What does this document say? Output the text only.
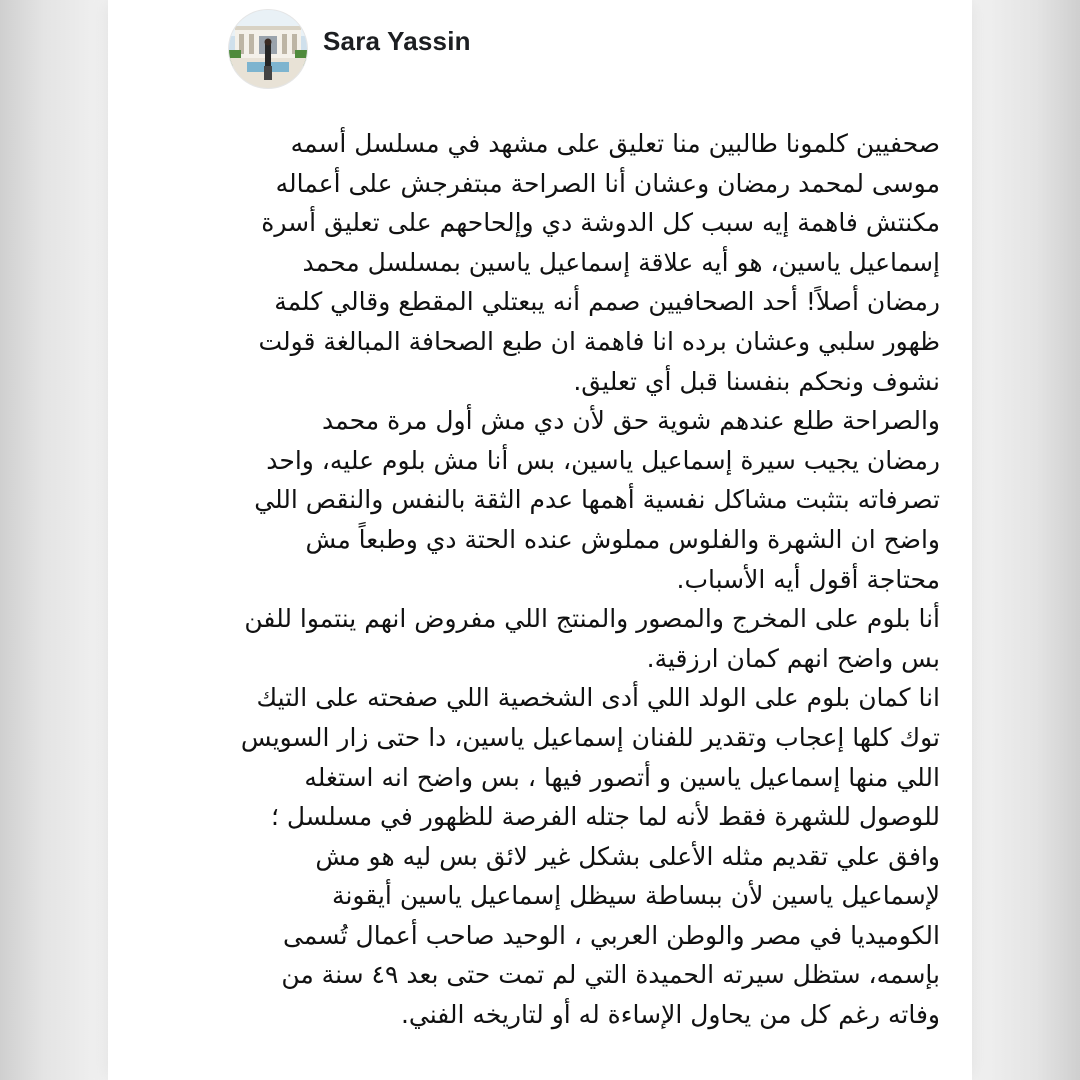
Sara Yassin

صحفيين كلمونا طالبين منا تعليق على مشهد في مسلسل أسمه

موسى لمحمد رمضان وعشان أنا الصراحة مبتفرجش على أعماله

مكنتش فاهمة إيه سبب كل الدوشة دي وإلحاحهم على تعليق أسرة

إسماعيل ياسين، هو أيه علاقة إسماعيل ياسين بمسلسل محمد

رمضان أصلاً! أحد الصحافيين صمم أنه يبعتلي المقطع وقالي كلمة

ظهور سلبي وعشان برده انا فاهمة ان طبع الصحافة المبالغة قولت

نشوف ونحكم بنفسنا قبل أي تعليق.

والصراحة طلع عندهم شوية حق لأن دي مش أول مرة محمد

رمضان يجيب سيرة إسماعيل ياسين، بس أنا مش بلوم عليه، واحد

تصرفاته بتثبت مشاكل نفسية أهمها عدم الثقة بالنفس والنقص اللي

واضح ان الشهرة والفلوس مملوش عنده الحتة دي وطبعاً مش

محتاجة أقول أيه الأسباب.

أنا بلوم على المخرج والمصور والمنتج اللي مفروض انهم ينتموا للفن

بس واضح انهم كمان ارزقية.

انا كمان بلوم على الولد اللي أدى الشخصية اللي صفحته على التيك

توك كلها إعجاب وتقدير للفنان إسماعيل ياسين، دا حتى زار السويس

اللي منها إسماعيل ياسين و أتصور فيها ، بس واضح انه استغله

للوصول للشهرة فقط لأنه لما جتله الفرصة للظهور في مسلسل ؛

وافق علي تقديم مثله الأعلى بشكل غير لائق بس ليه هو مش

لإسماعيل ياسين لأن ببساطة سيظل إسماعيل ياسين أيقونة

الكوميديا في مصر والوطن العربي ، الوحيد صاحب أعمال تُسمى

بإسمه، ستظل سيرته الحميدة التي لم تمت حتى بعد ٤٩ سنة من

وفاته رغم كل من يحاول الإساءة له أو لتاريخه الفني.
